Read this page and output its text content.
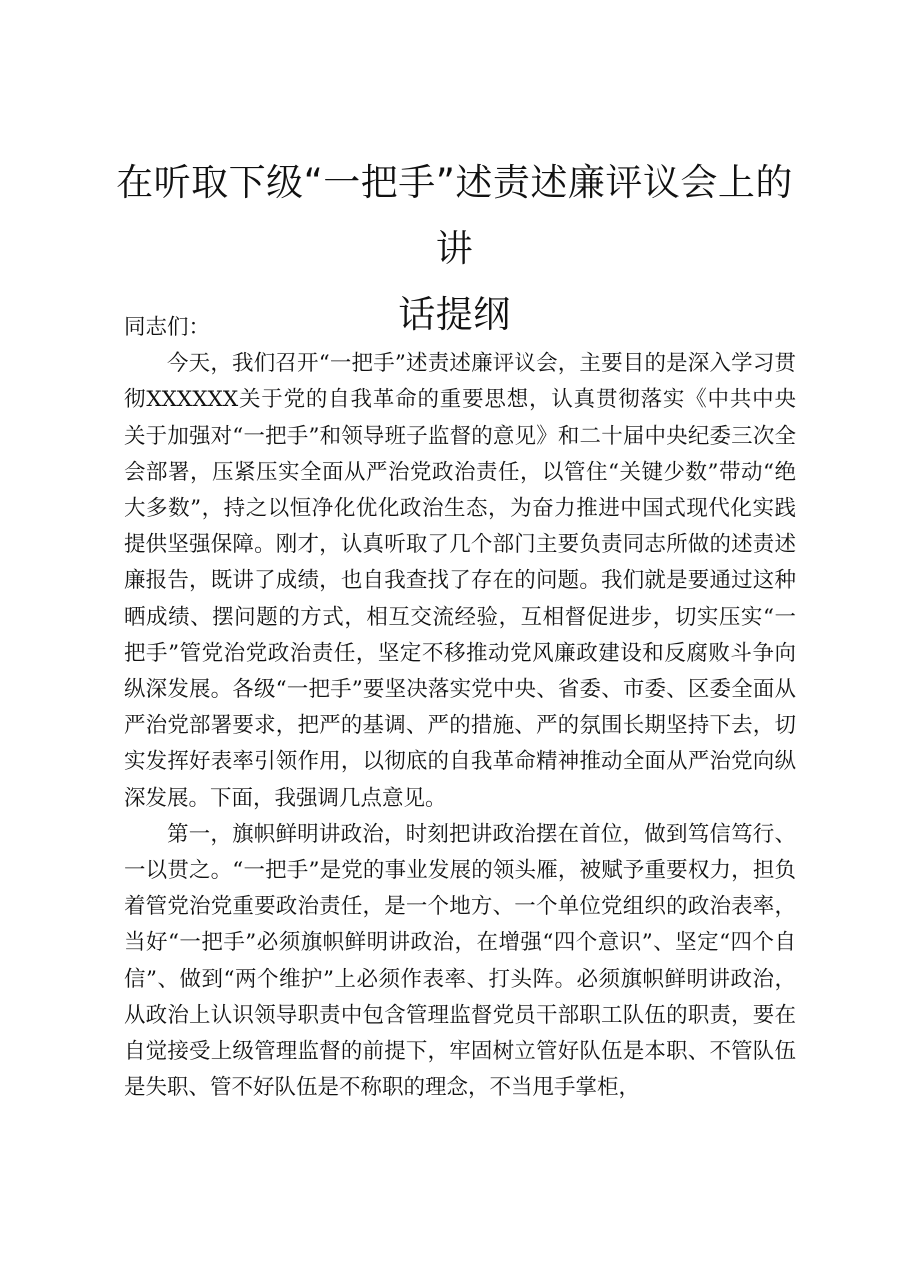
在听取下级“一把手”述责述廉评议会上的讲
话提纲

同志们：

今天，我们召开“一把手”述责述廉评议会，主要目的是深入学习贯彻XXXXXX关于党的自我革命的重要思想，认真贯彻落实《中共中央关于加强对“一把手”和领导班子监督的意见》和二十届中央纪委三次全会部署，压紧压实全面从严治党政治责任，以管住“关键少数”带动“绝大多数”，持之以恒净化优化政治生态，为奋力推进中国式现代化实践提供坚强保障。刚才，认真听取了几个部门主要负责同志所做的述责述廉报告，既讲了成绩，也自我查找了存在的问题。我们就是要通过这种晒成绩、摆问题的方式，相互交流经验，互相督促进步，切实压实“一把手”管党治党政治责任，坚定不移推动党风廉政建设和反腐败斗争向纵深发展。各级“一把手”要坚决落实党中央、省委、市委、区委全面从严治党部署要求，把严的基调、严的措施、严的氛围长期坚持下去，切实发挥好表率引领作用，以彻底的自我革命精神推动全面从严治党向纵深发展。下面，我强调几点意见。

第一，旗帜鲜明讲政治，时刻把讲政治摆在首位，做到笃信笃行、一以贯之。“一把手”是党的事业发展的领头雁，被赋予重要权力，担负着管党治党重要政治责任，是一个地方、一个单位党组织的政治表率，当好“一把手”必须旗帜鲜明讲政治，在增强“四个意识”、坚定“四个自信”、做到“两个维护”上必须作表率、打头阵。必须旗帜鲜明讲政治，从政治上认识领导职责中包含管理监督党员干部职工队伍的职责，要在自觉接受上级管理监督的前提下，牢固树立管好队伍是本职、不管队伍是失职、管不好队伍是不称职的理念，不当甩手掌柜，
